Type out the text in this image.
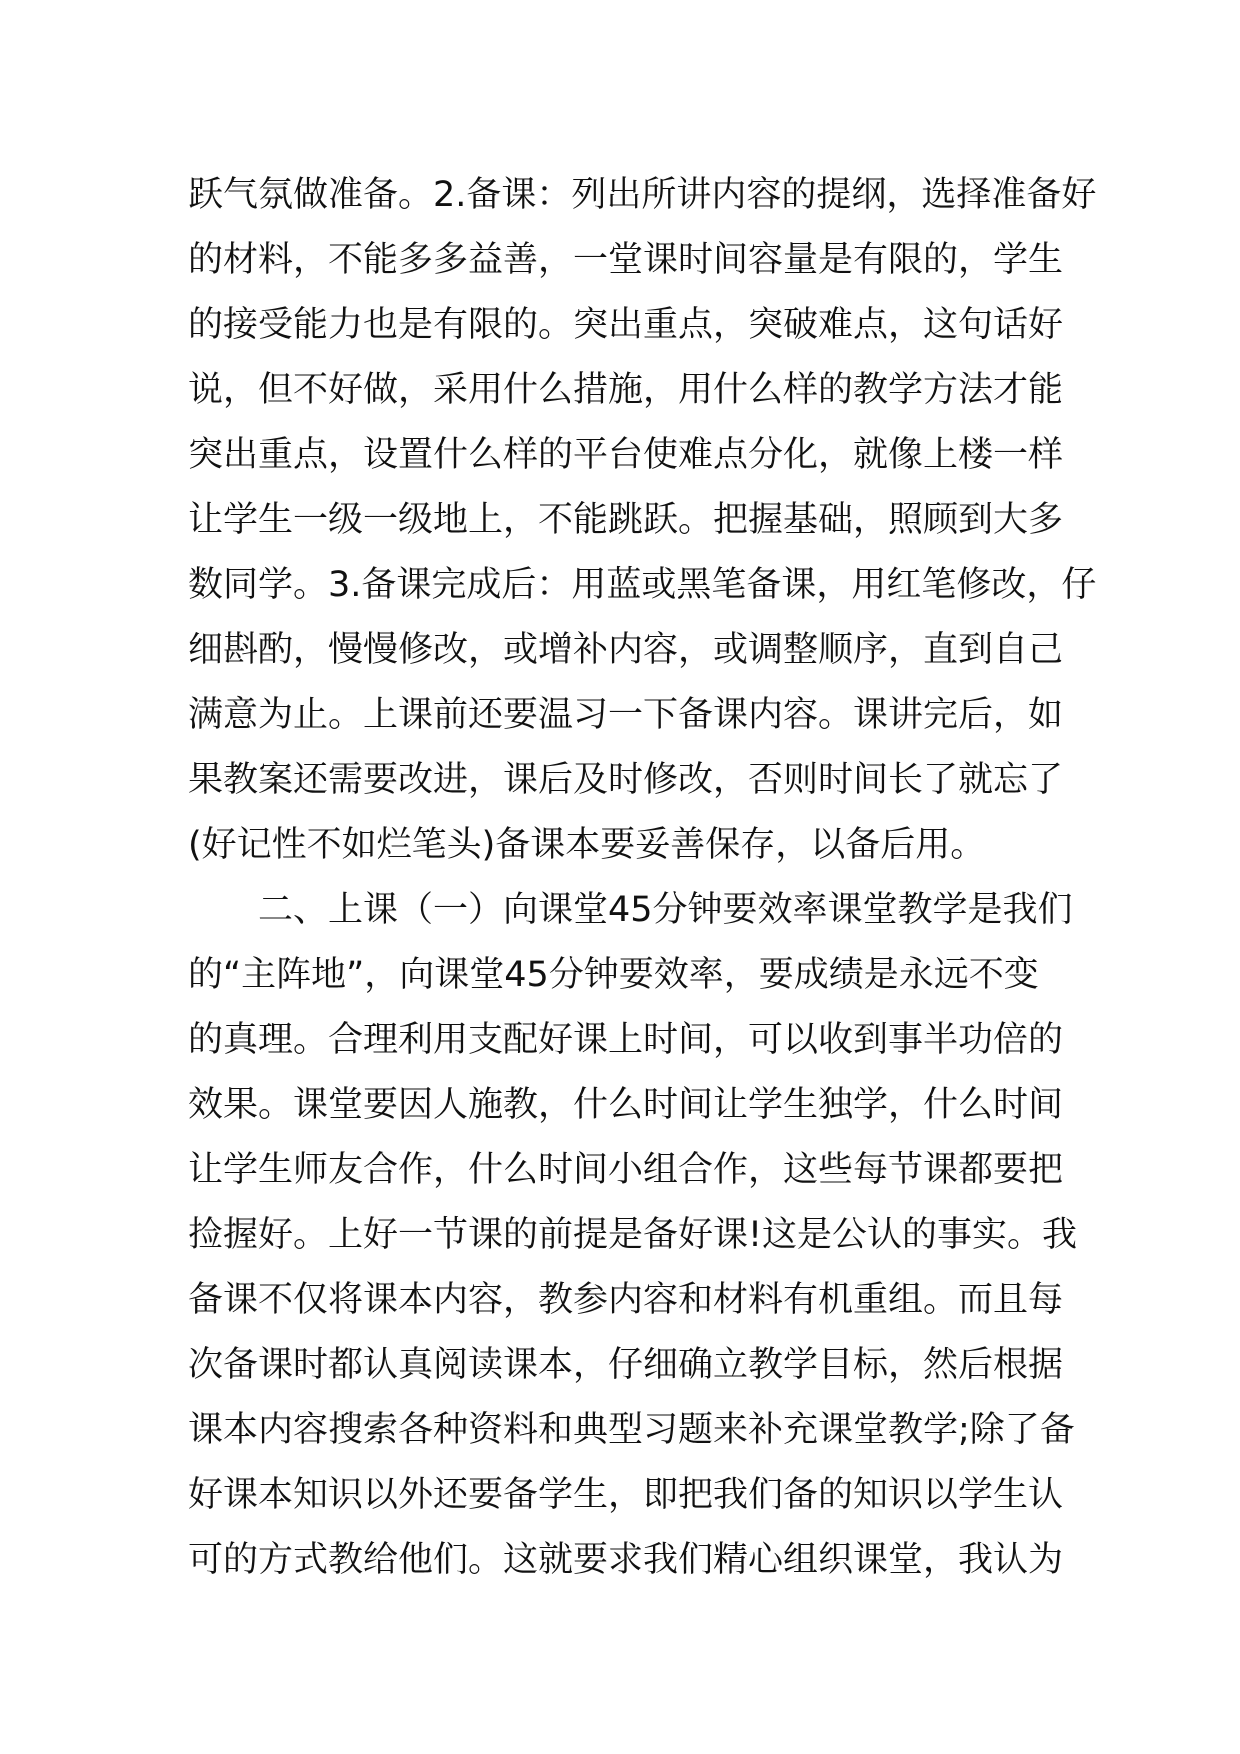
跃气氛做准备。2.备课：列出所讲内容的提纲，选择准备好
的材料，不能多多益善，一堂课时间容量是有限的，学生
的接受能力也是有限的。突出重点，突破难点，这句话好
说，但不好做，采用什么措施，用什么样的教学方法才能
突出重点，设置什么样的平台使难点分化，就像上楼一样
让学生一级一级地上，不能跳跃。把握基础，照顾到大多
数同学。3.备课完成后：用蓝或黑笔备课，用红笔修改，仔
细斟酌，慢慢修改，或增补内容，或调整顺序，直到自己
满意为止。上课前还要温习一下备课内容。课讲完后，如
果教案还需要改进，课后及时修改，否则时间长了就忘了
(好记性不如烂笔头)备课本要妥善保存，以备后用。
二、上课（一）向课堂45分钟要效率课堂教学是我们
的“主阵地”，向课堂45分钟要效率，要成绩是永远不变
的真理。合理利用支配好课上时间，可以收到事半功倍的
效果。课堂要因人施教，什么时间让学生独学，什么时间
让学生师友合作，什么时间小组合作，这些每节课都要把
捡握好。上好一节课的前提是备好课!这是公认的事实。我
备课不仅将课本内容，教参内容和材料有机重组。而且每
次备课时都认真阅读课本，仔细确立教学目标，然后根据
课本内容搜索各种资料和典型习题来补充课堂教学;除了备
好课本知识以外还要备学生，即把我们备的知识以学生认
可的方式教给他们。这就要求我们精心组织课堂，我认为
